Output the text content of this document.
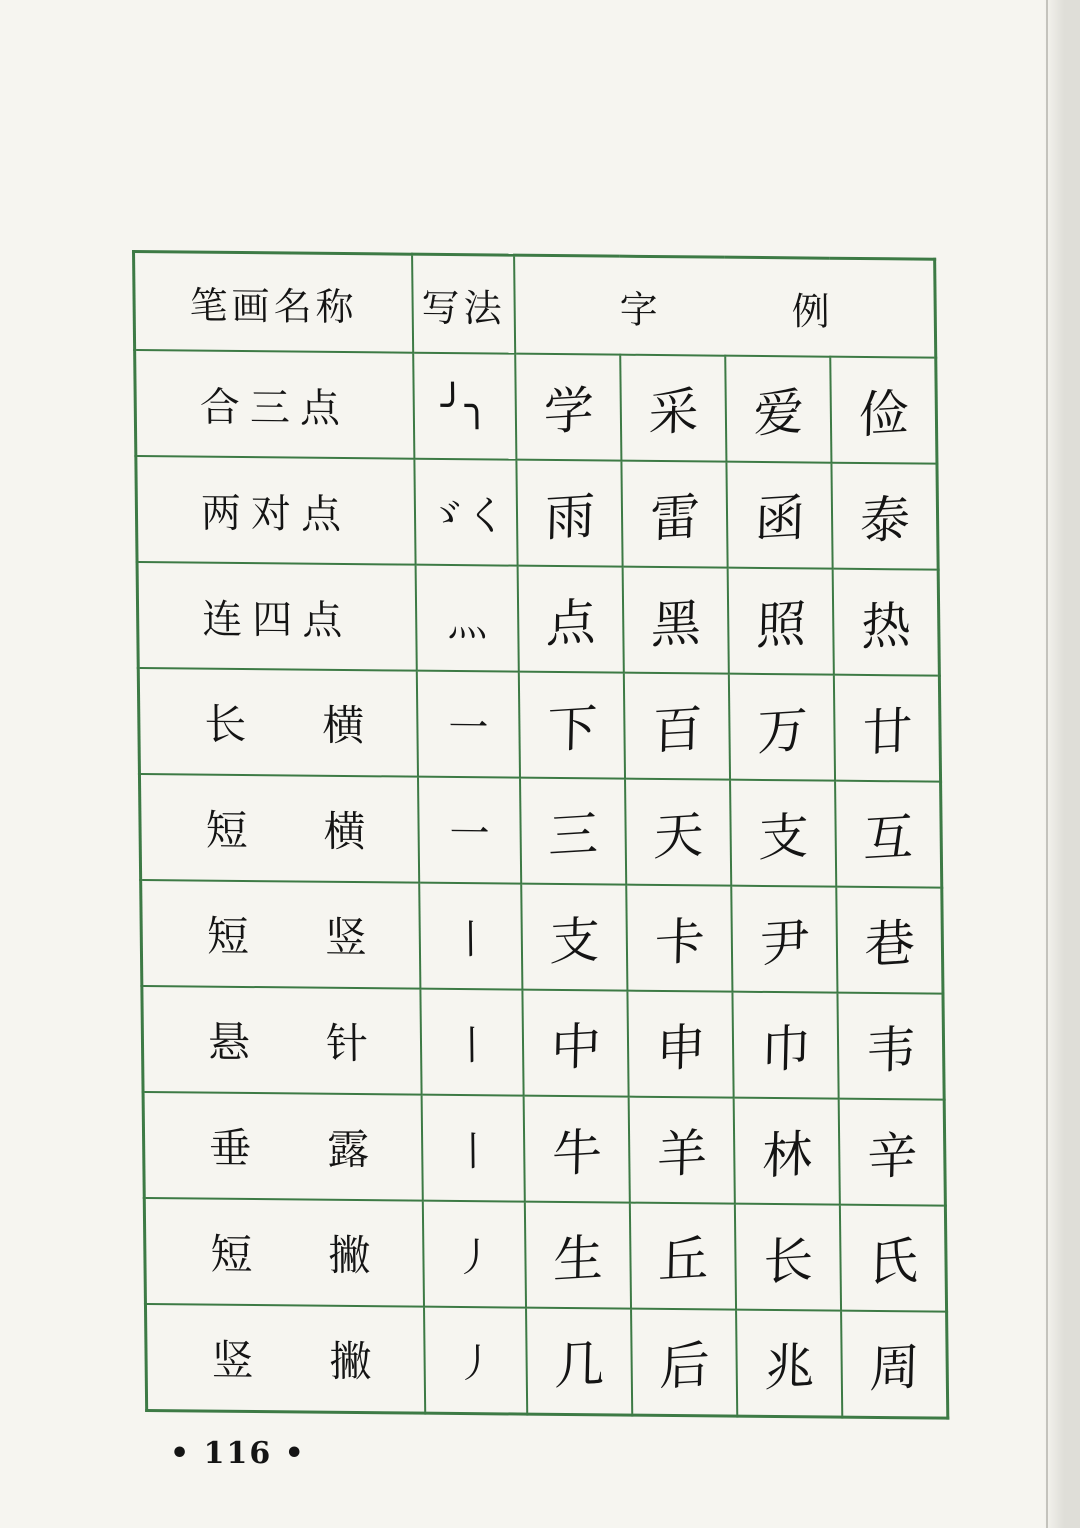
笔画名称	写法	字 例			

合三点	╯╮	学	采	爱	俭
两对点	ゞく	雨	雷	函	泰
连四点	灬	点	黑	照	热

长 横	一	下	百	万	廿

短 横	一	三	天	支	互

短 竖	丨	支	卡	尹	巷

悬 针	丨	中	申	巾	韦

垂 露	丨	牛	羊	林	辛

短 撇	丿	生	丘	长	氏

竖 撇	丿	几	后	兆	周
• 116 •
